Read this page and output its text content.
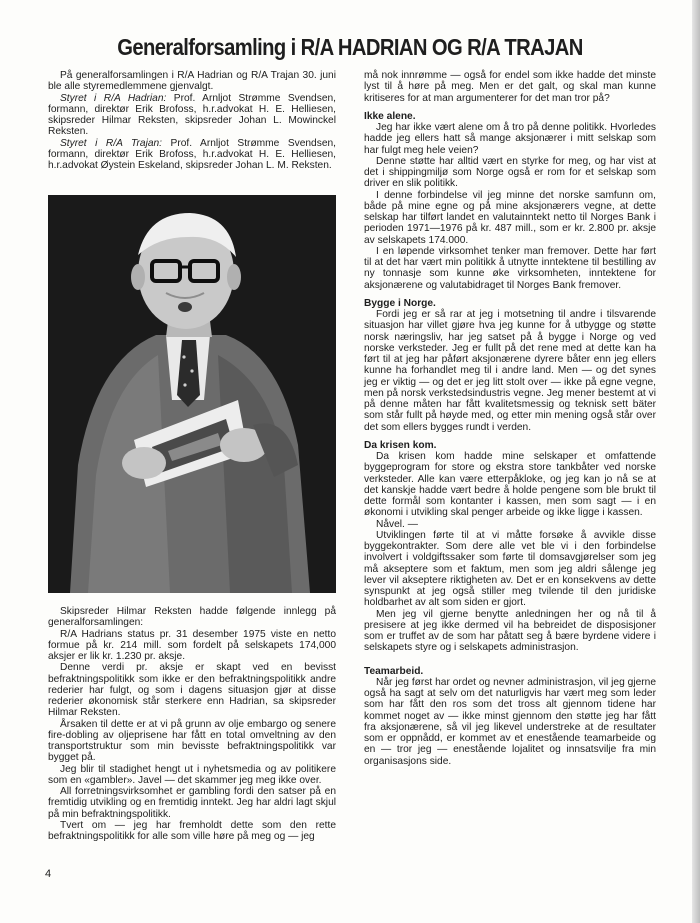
Generalforsamling i R/A HADRIAN OG R/A TRAJAN

På generalforsamlingen i R/A Hadrian og R/A Trajan 30. juni ble alle styremedlemmene gjenvalgt.

Styret i R/A Hadrian: Prof. Arnljot Strømme Svendsen, formann, direktør Erik Brofoss, h.r.advokat H. E. Helliesen, skipsreder Hilmar Reksten, skipsreder Johan L. Mowinckel Reksten.

Styret i R/A Trajan: Prof. Arnljot Strømme Svendsen, formann, direktør Erik Brofoss, h.r.advokat H. E. Helliesen, h.r.advokat Øystein Eskeland, skipsreder Johan L. M. Reksten.

Skipsreder Hilmar Reksten hadde følgende innlegg på generalforsamlingen:

R/A Hadrians status pr. 31 desember 1975 viste en netto formue på kr. 214 mill. som fordelt på selskapets 174,000 aksjer er lik kr. 1.230 pr. aksje.

Denne verdi pr. aksje er skapt ved en bevisst befraktningspolitikk som ikke er den befraktningspolitikk andre rederier har fulgt, og som i dagens situasjon gjør at disse rederier økonomisk står sterkere enn Hadrian, sa skipsreder Hilmar Reksten.

Årsaken til dette er at vi på grunn av olje embargo og senere fire-dobling av oljeprisene har fått en total omveltning av den transportstruktur som min bevisste befraktningspolitikk var bygget på.

Jeg blir til stadighet hengt ut i nyhetsmedia og av politikere som en «gambler». Javel — det skammer jeg meg ikke over.

All forretningsvirksomhet er gambling fordi den satser på en fremtidig utvikling og en fremtidig inntekt. Jeg har aldri lagt skjul på min befraktningspolitikk.

Tvert om — jeg har fremholdt dette som den rette befraktningspolitikk for alle som ville høre på meg og — jeg

må nok innrømme — også for endel som ikke hadde det minste lyst til å høre på meg. Men er det galt, og skal man kunne kritiseres for at man argumenterer for det man tror på?

Ikke alene.

Jeg har ikke vært alene om å tro på denne politikk. Hvorledes hadde jeg ellers hatt så mange aksjonærer i mitt selskap som har fulgt meg hele veien?

Denne støtte har alltid vært en styrke for meg, og har vist at det i shippingmiljø som Norge også er rom for et selskap som driver en slik politikk.

I denne forbindelse vil jeg minne det norske samfunn om, både på mine egne og på mine aksjonærers vegne, at dette selskap har tilført landet en valutainntekt netto til Norges Bank i perioden 1971—1976 på kr. 487 mill., som er kr. 2.800 pr. aksje av selskapets 174.000.

I en løpende virksomhet tenker man fremover. Dette har ført til at det har vært min politikk å utnytte inntektene til bestilling av ny tonnasje som kunne øke virksomheten, inntektene for aksjonærene og valutabidraget til Norges Bank fremover.

Bygge i Norge.

Fordi jeg er så rar at jeg i motsetning til andre i tilsvarende situasjon har villet gjøre hva jeg kunne for å utbygge og støtte norsk næringsliv, har jeg satset på å bygge i Norge og ved norske verksteder. Jeg er fullt på det rene med at dette kan ha ført til at jeg har påført aksjonærene dyrere båter enn jeg ellers kunne ha forhandlet meg til i andre land. Men — og det synes jeg er viktig — og det er jeg litt stolt over — ikke på egne vegne, men på norsk verkstedsindustris vegne. Jeg mener bestemt at vi på denne måten har fått kvalitetsmessig og teknisk sett bäter som står fullt på høyde med, og etter min mening også står over det som ellers bygges rundt i verden.

Da krisen kom.

Da krisen kom hadde mine selskaper et omfattende byggeprogram for store og ekstra store tankbåter ved norske verksteder. Alle kan være etterpåkloke, og jeg kan jo nå se at det kanskje hadde vært bedre å holde pengene som ble brukt til dette formål som kontanter i kassen, men som sagt — i en økonomi i utvikling skal penger arbeide og ikke ligge i kassen.

Nåvel. —

Utviklingen førte til at vi måtte forsøke å avvikle disse byggekontrakter. Som dere alle vet ble vi i den forbindelse involvert i voldgiftssaker som førte til domsavgjørelser som jeg må akseptere som et faktum, men som jeg aldri sålenge jeg lever vil akseptere riktigheten av. Det er en konsekvens av dette synspunkt at jeg også stiller meg tvilende til den juridiske holdbarhet av alt som siden er gjort.

Men jeg vil gjerne benytte anledningen her og nå til å presisere at jeg ikke dermed vil ha bebreidet de disposisjoner som er truffet av de som har påtatt seg å bære byrdene videre i selskapets styre og i selskapets administrasjon.

Teamarbeid.

Når jeg først har ordet og nevner administrasjon, vil jeg gjerne også ha sagt at selv om det naturligvis har vært meg som leder som har fått den ros som det tross alt gjennom tidene har kommet noget av — ikke minst gjennom den støtte jeg har fått fra aksjonærene, så vil jeg likevel understreke at de resultater som er oppnådd, er kommet av et enestående teamarbeide og en — tror jeg — enestående lojalitet og innsatsvilje fra min organisasjons side.

4
